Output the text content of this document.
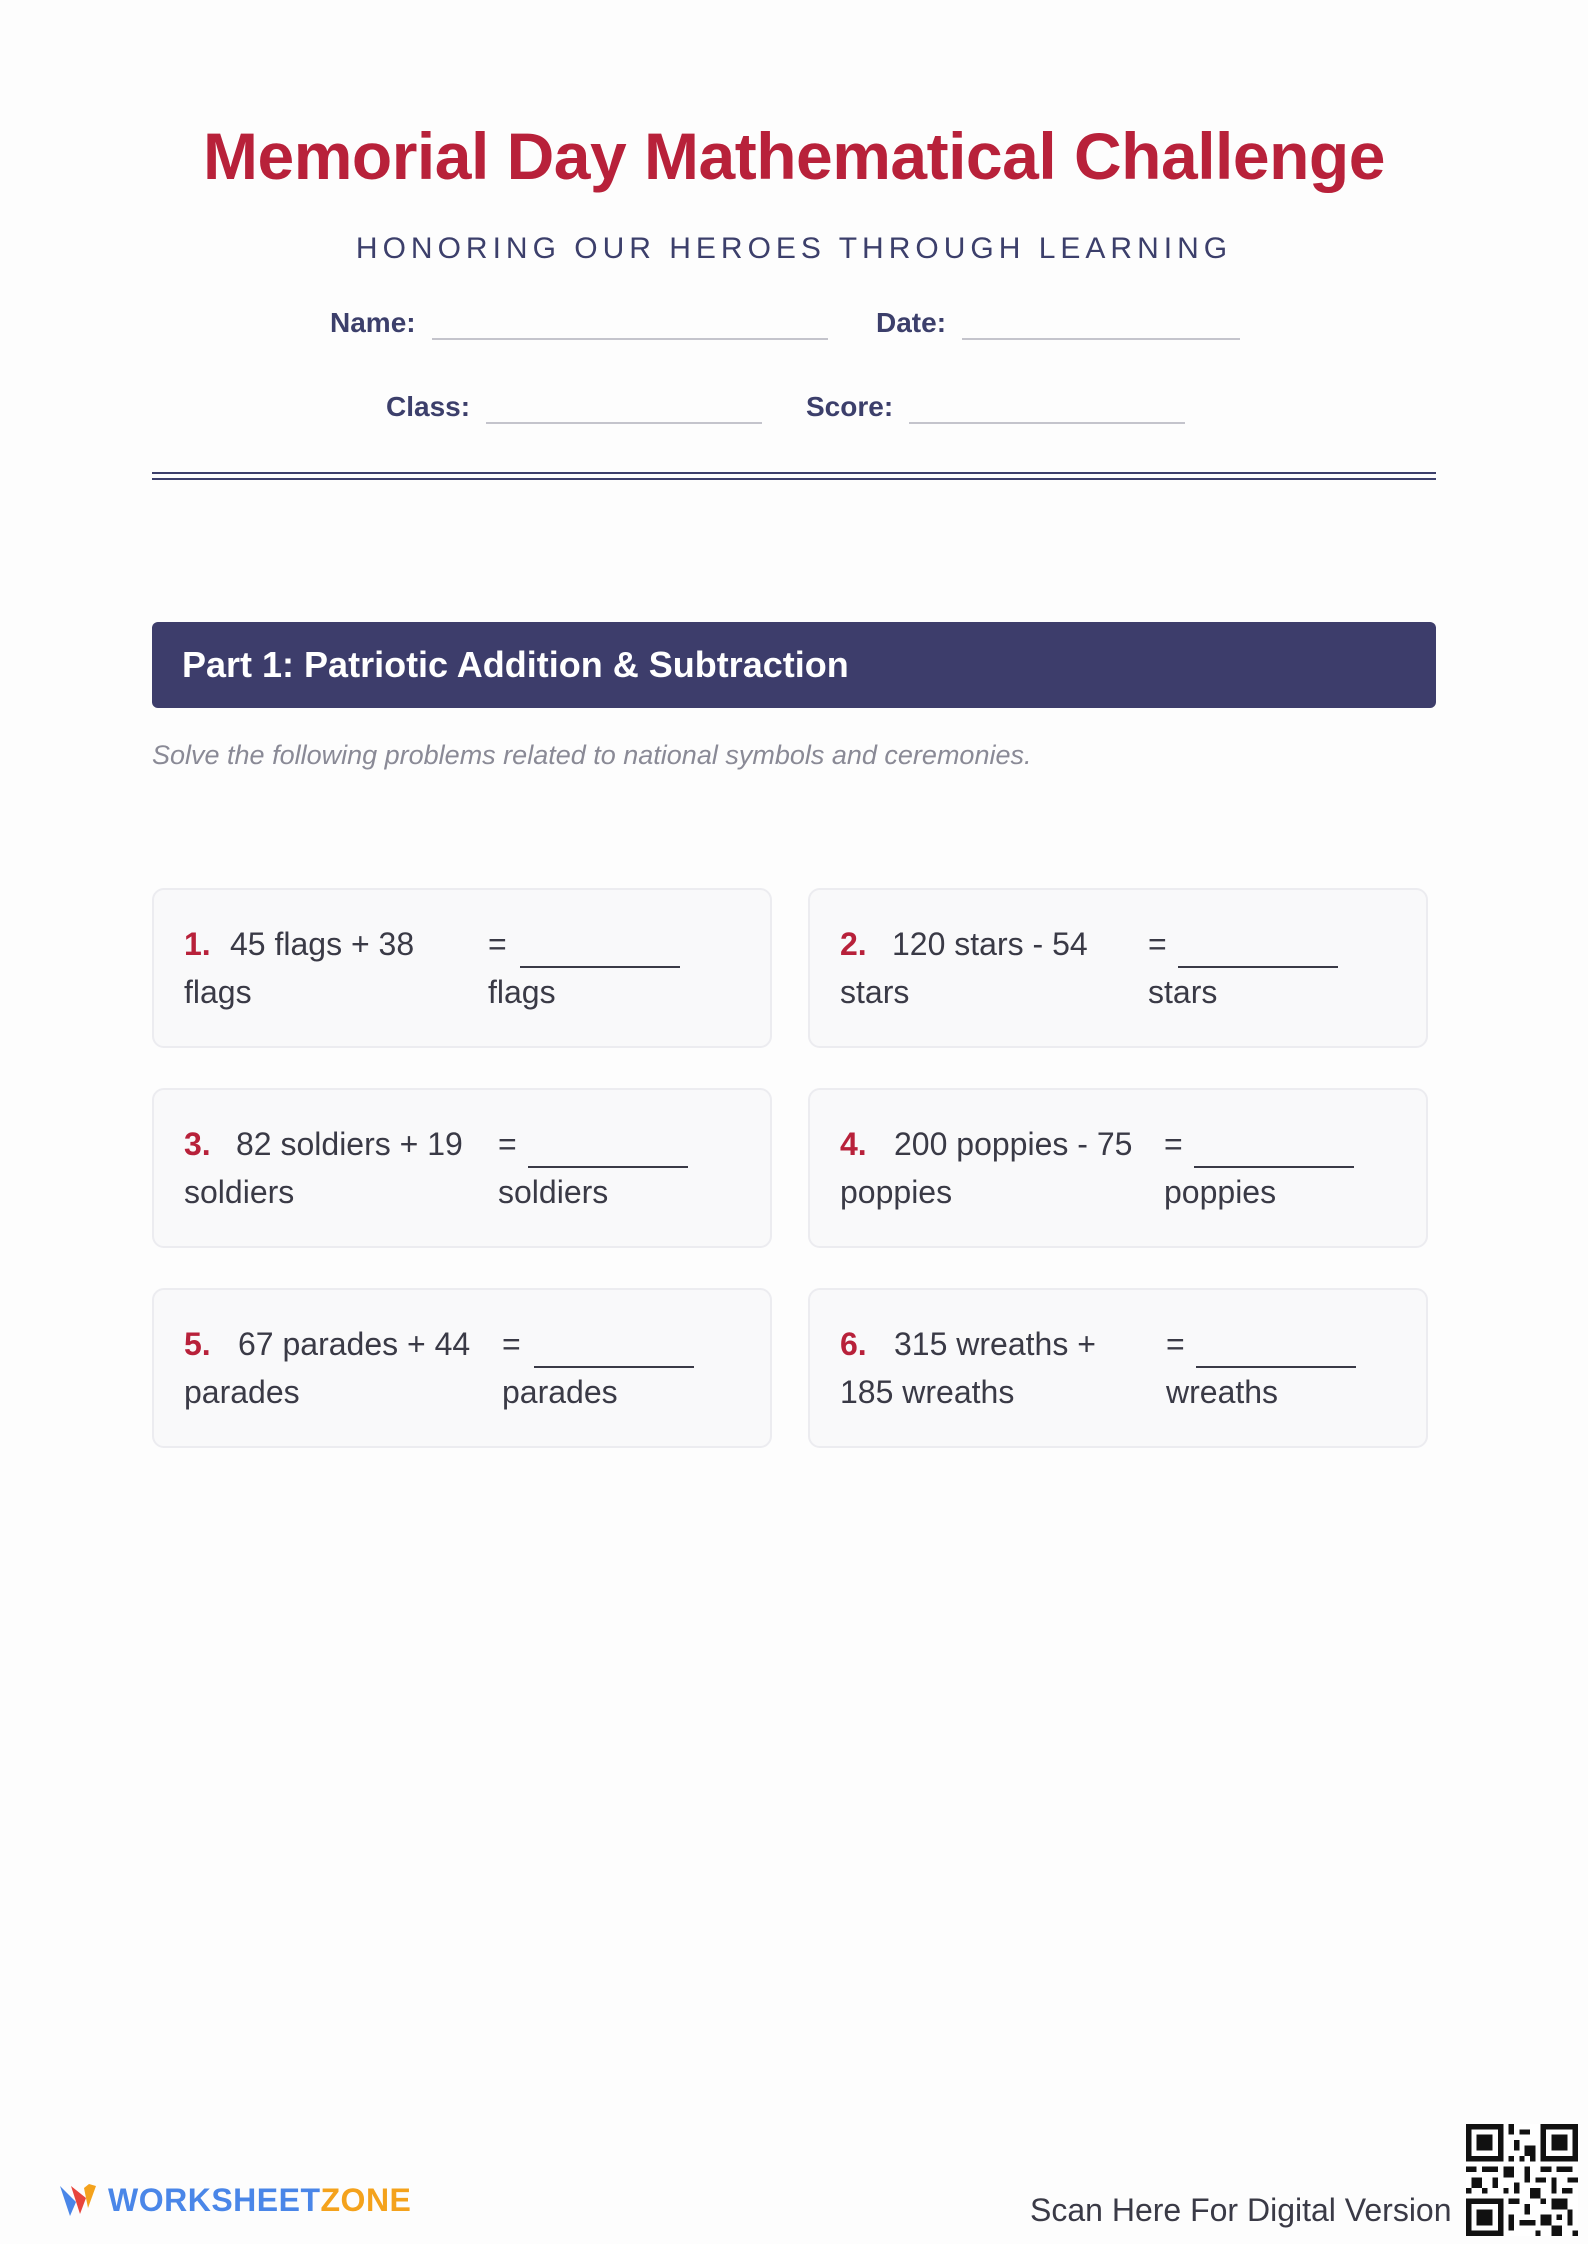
Memorial Day Mathematical Challenge
HONORING OUR HEROES THROUGH LEARNING
Name:	Date:
Class:	Score:
Part 1: Patriotic Addition & Subtraction
Solve the following problems related to national symbols and ceremonies.
1. 45 flags + 38
flags
=
flags
2. 120 stars - 54
stars
=
stars
3. 82 soldiers + 19
soldiers
=
soldiers
4. 200 poppies - 75
poppies
=
poppies
5. 67 parades + 44
parades
=
parades
6. 315 wreaths +
185 wreaths
=
wreaths
WORKSHEETZONE	Scan Here For Digital Version
